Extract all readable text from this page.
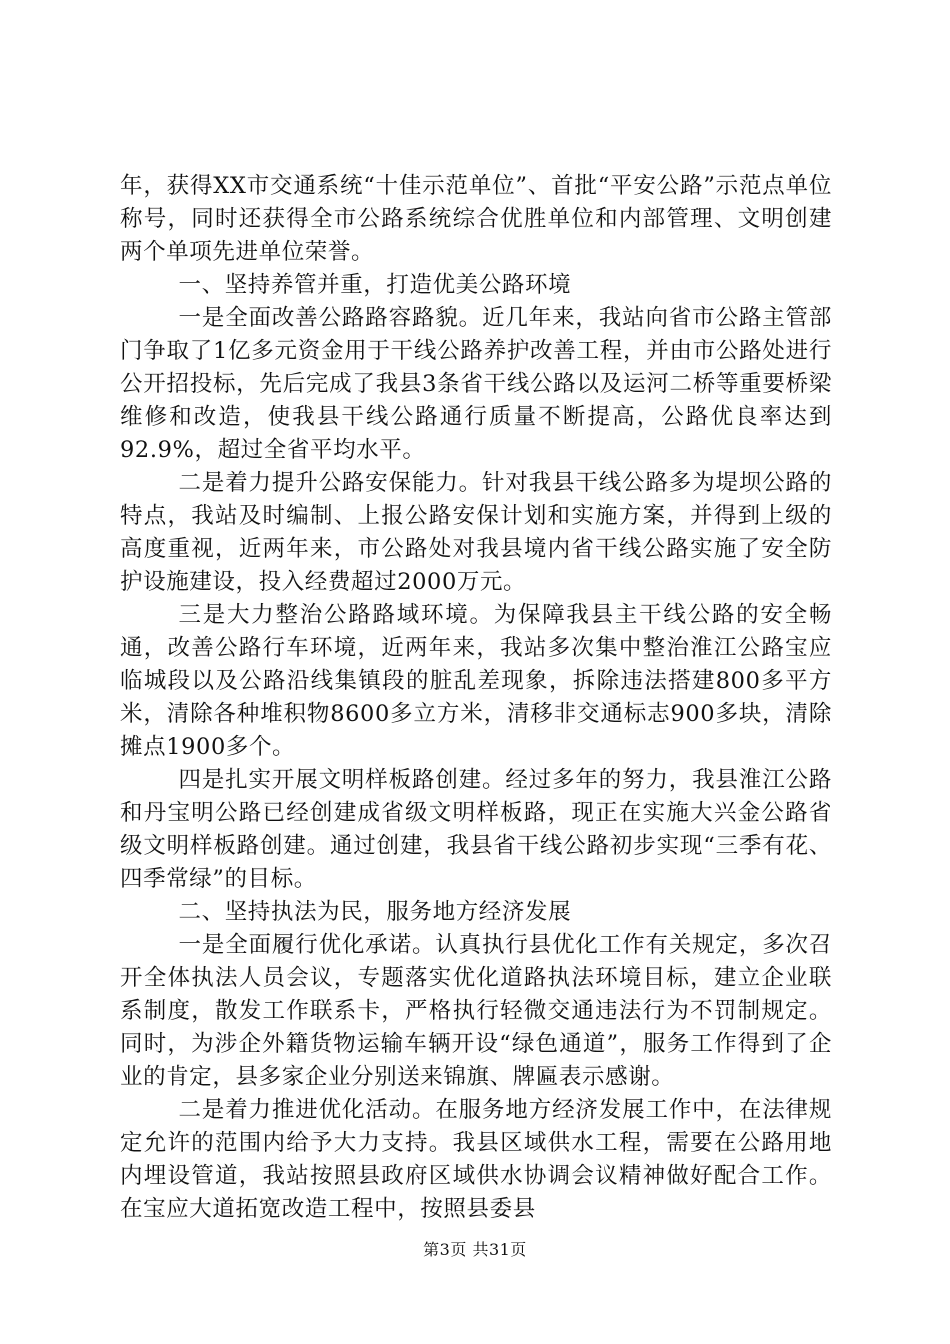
年，获得XX市交通系统“十佳示范单位”、首批“平安公路”示范点单位称号，同时还获得全市公路系统综合优胜单位和内部管理、文明创建两个单项先进单位荣誉。

一、坚持养管并重，打造优美公路环境

一是全面改善公路路容路貌。近几年来，我站向省市公路主管部门争取了1亿多元资金用于干线公路养护改善工程，并由市公路处进行公开招投标，先后完成了我县3条省干线公路以及运河二桥等重要桥梁维修和改造，使我县干线公路通行质量不断提高，公路优良率达到92.9%，超过全省平均水平。

二是着力提升公路安保能力。针对我县干线公路多为堤坝公路的特点，我站及时编制、上报公路安保计划和实施方案，并得到上级的高度重视，近两年来，市公路处对我县境内省干线公路实施了安全防护设施建设，投入经费超过2000万元。

三是大力整治公路路域环境。为保障我县主干线公路的安全畅通，改善公路行车环境，近两年来，我站多次集中整治淮江公路宝应临城段以及公路沿线集镇段的脏乱差现象，拆除违法搭建800多平方米，清除各种堆积物8600多立方米，清移非交通标志900多块，清除摊点1900多个。

四是扎实开展文明样板路创建。经过多年的努力，我县淮江公路和丹宝明公路已经创建成省级文明样板路，现正在实施大兴金公路省级文明样板路创建。通过创建，我县省干线公路初步实现“三季有花、四季常绿”的目标。

二、坚持执法为民，服务地方经济发展

一是全面履行优化承诺。认真执行县优化工作有关规定，多次召开全体执法人员会议，专题落实优化道路执法环境目标，建立企业联系制度，散发工作联系卡，严格执行轻微交通违法行为不罚制规定。同时，为涉企外籍货物运输车辆开设“绿色通道”，服务工作得到了企业的肯定，县多家企业分别送来锦旗、牌匾表示感谢。

二是着力推进优化活动。在服务地方经济发展工作中，在法律规定允许的范围内给予大力支持。我县区域供水工程，需要在公路用地内埋设管道，我站按照县政府区域供水协调会议精神做好配合工作。在宝应大道拓宽改造工程中，按照县委县

第3页 共31页
